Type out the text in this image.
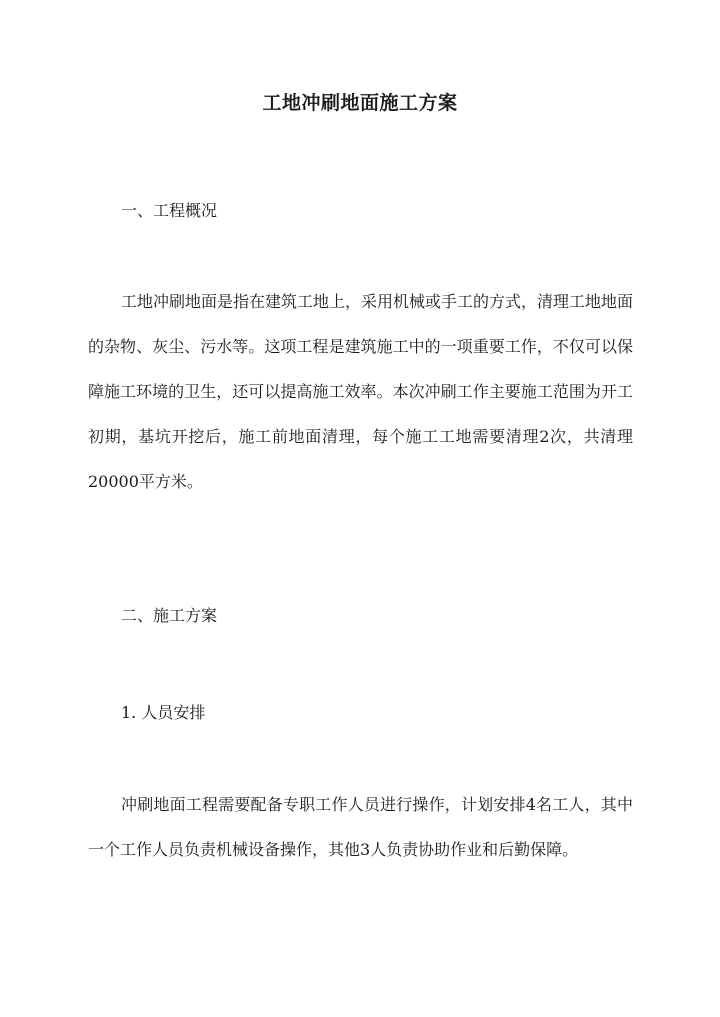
工地冲刷地面施工方案
一、工程概况
工地冲刷地面是指在建筑工地上，采用机械或手工的方式，清理工地地面的杂物、灰尘、污水等。这项工程是建筑施工中的一项重要工作，不仅可以保障施工环境的卫生，还可以提高施工效率。本次冲刷工作主要施工范围为开工初期，基坑开挖后，施工前地面清理，每个施工工地需要清理2次，共清理20000平方米。
二、施工方案
1. 人员安排
冲刷地面工程需要配备专职工作人员进行操作，计划安排4名工人，其中一个工作人员负责机械设备操作，其他3人负责协助作业和后勤保障。
